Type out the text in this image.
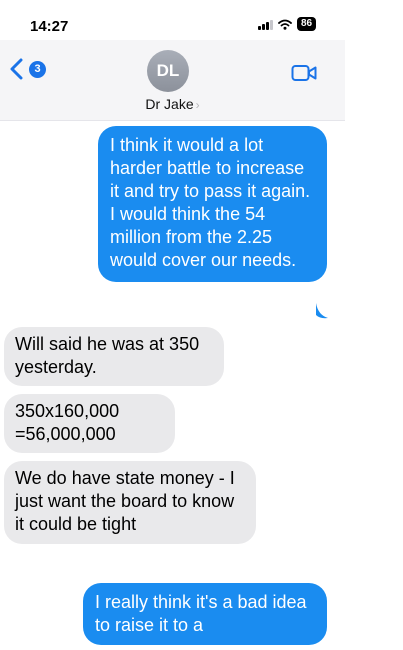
14:27	86
3	DL
Dr Jake ›
I think it would a lot harder battle to increase it and try to pass it again. I would think the 54 million from the 2.25 would cover our needs.
Will said he was at 350 yesterday.
350x160,000 =56,000,000
We do have state money - I just want the board to know it could be tight
I really think it's a bad idea to raise it to a
